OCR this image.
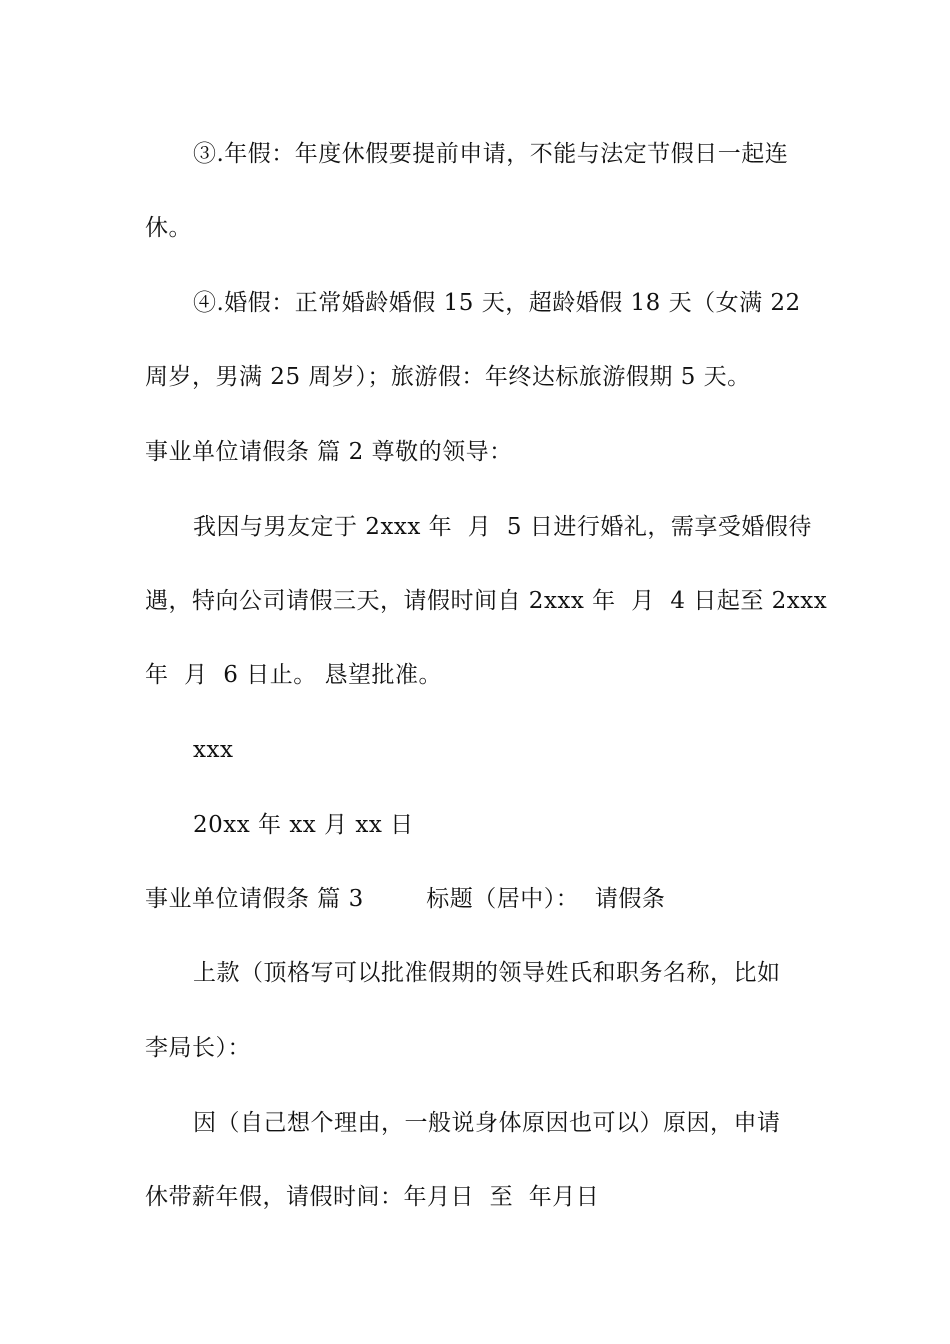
③.年假：年度休假要提前申请，不能与法定节假日一起连
休。
④.婚假：正常婚龄婚假 15 天，超龄婚假 18 天（女满 22
周岁，男满 25 周岁）；旅游假：年终达标旅游假期 5 天。
事业单位请假条 篇 2 尊敬的领导：
我因与男友定于 2xxx 年  月  5 日进行婚礼，需享受婚假待
遇，特向公司请假三天，请假时间自 2xxx 年  月  4 日起至 2xxx
年  月  6 日止。 恳望批准。
xxx
20xx 年 xx 月 xx 日
事业单位请假条 篇 3        标题（居中）：  请假条
上款（顶格写可以批准假期的领导姓氏和职务名称，比如
李局长）：
因（自己想个理由，一般说身体原因也可以）原因，申请
休带薪年假，请假时间：年月日  至  年月日
